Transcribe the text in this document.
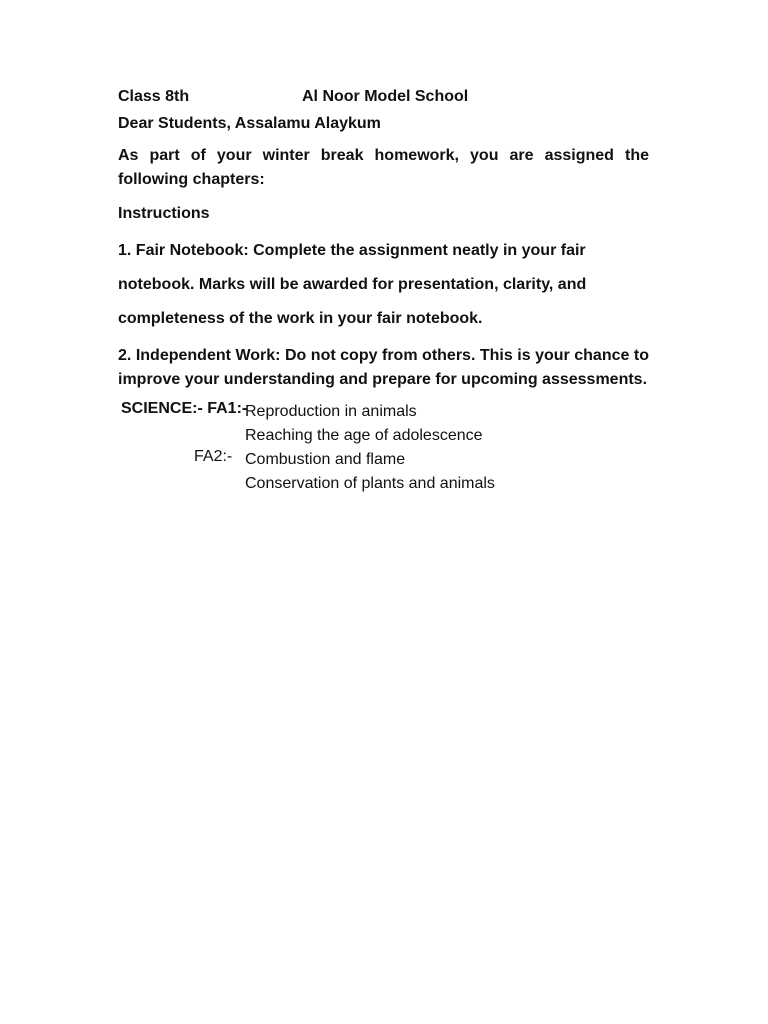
Class 8th	Al Noor Model School
Dear Students, Assalamu Alaykum
As part of your winter break homework, you are assigned the following chapters:
Instructions
1. Fair Notebook: Complete the assignment neatly in your fair
notebook. Marks will be awarded for presentation, clarity, and
completeness of the work in your fair notebook.
2. Independent Work: Do not copy from others. This is your chance to improve your understanding and prepare for upcoming assessments.
SCIENCE:- FA1:-
Reproduction in animals
Reaching the age of adolescence
FA2:- Combustion and flame
Conservation of plants and animals
